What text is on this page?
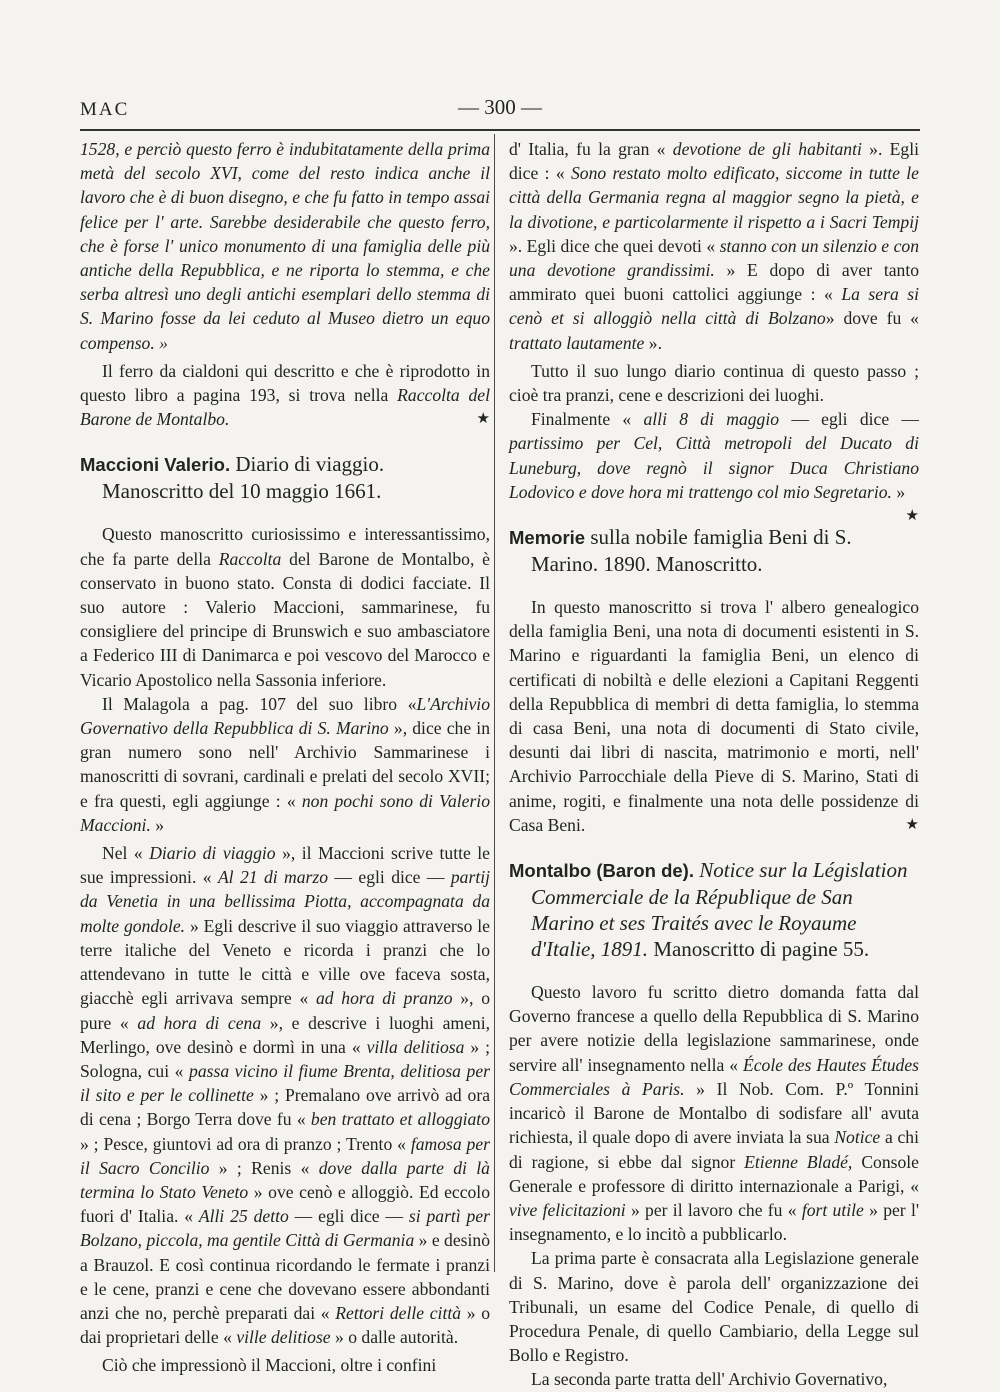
MAC	— 300 —

1528, e perciò questo ferro è indubitatamente della prima metà del secolo XVI, come del resto indica anche il lavoro che è di buon disegno, e che fu fatto in tempo assai felice per l' arte. Sarebbe desiderabile che questo ferro, che è forse l' unico monumento di una famiglia delle più antiche della Repubblica, e ne riporta lo stemma, e che serba altresì uno degli antichi esemplari dello stemma di S. Marino fosse da lei ceduto al Museo dietro un equo compenso. »

Il ferro da cialdoni qui descritto e che è riprodotto in questo libro a pagina 193, si trova nella Raccolta del Barone de Montalbo.	★

Maccioni Valerio. Diario di viaggio. Manoscritto del 10 maggio 1661.

Questo manoscritto curiosissimo e interessantissimo, che fa parte della Raccolta del Barone de Montalbo, è conservato in buono stato. Consta di dodici facciate. Il suo autore : Valerio Maccioni, sammarinese, fu consigliere del principe di Brunswich e suo ambasciatore a Federico III di Danimarca e poi vescovo del Marocco e Vicario Apostolico nella Sassonia inferiore.

Il Malagola a pag. 107 del suo libro «L'Archivio Governativo della Repubblica di S. Marino », dice che in gran numero sono nell' Archivio Sammarinese i manoscritti di sovrani, cardinali e prelati del secolo XVII; e fra questi, egli aggiunge : « non pochi sono di Valerio Maccioni. »

Nel « Diario di viaggio », il Maccioni scrive tutte le sue impressioni. « Al 21 di marzo — egli dice — partij da Venetia in una bellissima Piotta, accompagnata da molte gondole. » Egli descrive il suo viaggio attraverso le terre italiche del Veneto e ricorda i pranzi che lo attendevano in tutte le città e ville ove faceva sosta, giacchè egli arrivava sempre « ad hora di pranzo », o pure « ad hora di cena », e descrive i luoghi ameni, Merlingo, ove desinò e dormì in una « villa delitiosa » ; Sologna, cui « passa vicino il fiume Brenta, delitiosa per il sito e per le collinette » ; Premalano ove arrivò ad ora di cena ; Borgo Terra dove fu « ben trattato et alloggiato » ; Pesce, giuntovi ad ora di pranzo ; Trento « famosa per il Sacro Concilio » ; Renis « dove dalla parte di là termina lo Stato Veneto » ove cenò e alloggiò. Ed eccolo fuori d' Italia. « Alli 25 detto — egli dice — si partì per Bolzano, piccola, ma gentile Città di Germania » e desinò a Brauzol. E così continua ricordando le fermate i pranzi e le cene, pranzi e cene che dovevano essere abbondanti anzi che no, perchè preparati dai « Rettori delle città » o dai proprietari delle « ville delitiose » o dalle autorità.

Ciò che impressionò il Maccioni, oltre i confini

d' Italia, fu la gran « devotione de gli habitanti ». Egli dice : « Sono restato molto edificato, siccome in tutte le città della Germania regna al maggior segno la pietà, e la divotione, e particolarmente il rispetto a i Sacri Tempij ». Egli dice che quei devoti « stanno con un silenzio e con una devotione grandissimi. » E dopo di aver tanto ammirato quei buoni cattolici aggiunge : « La sera si cenò et si alloggiò nella città di Bolzano» dove fu « trattato lautamente ».

Tutto il suo lungo diario continua di questo passo ; cioè tra pranzi, cene e descrizioni dei luoghi.

Finalmente « alli 8 di maggio — egli dice — partissimo per Cel, Città metropoli del Ducato di Luneburg, dove regnò il signor Duca Christiano Lodovico e dove hora mi trattengo col mio Segretario. »
★

Memorie sulla nobile famiglia Beni di S. Marino. 1890. Manoscritto.

In questo manoscritto si trova l' albero genealogico della famiglia Beni, una nota di documenti esistenti in S. Marino e riguardanti la famiglia Beni, un elenco di certificati di nobiltà e delle elezioni a Capitani Reggenti della Repubblica di membri di detta famiglia, lo stemma di casa Beni, una nota di documenti di Stato civile, desunti dai libri di nascita, matrimonio e morti, nell' Archivio Parrocchiale della Pieve di S. Marino, Stati di anime, rogiti, e finalmente una nota delle possidenze di Casa Beni.	★

Montalbo (Baron de). Notice sur la Législation Commerciale de la République de San Marino et ses Traités avec le Royaume d'Italie, 1891. Manoscritto di pagine 55.

Questo lavoro fu scritto dietro domanda fatta dal Governo francese a quello della Repubblica di S. Marino per avere notizie della legislazione sammarinese, onde servire all' insegnamento nella « École des Hautes Études Commerciales à Paris. » Il Nob. Com. P.º Tonnini incaricò il Barone de Montalbo di sodisfare all' avuta richiesta, il quale dopo di avere inviata la sua Notice a chi di ragione, si ebbe dal signor Etienne Bladé, Console Generale e professore di diritto internazionale a Parigi, « vive felicitazioni » per il lavoro che fu « fort utile » per l' insegnamento, e lo incitò a pubblicarlo.

La prima parte è consacrata alla Legislazione generale di S. Marino, dove è parola dell' organizzazione dei Tribunali, un esame del Codice Penale, di quello di Procedura Penale, di quello Cambiario, della Legge sul Bollo e Registro.

La seconda parte tratta dell' Archivio Governativo,
